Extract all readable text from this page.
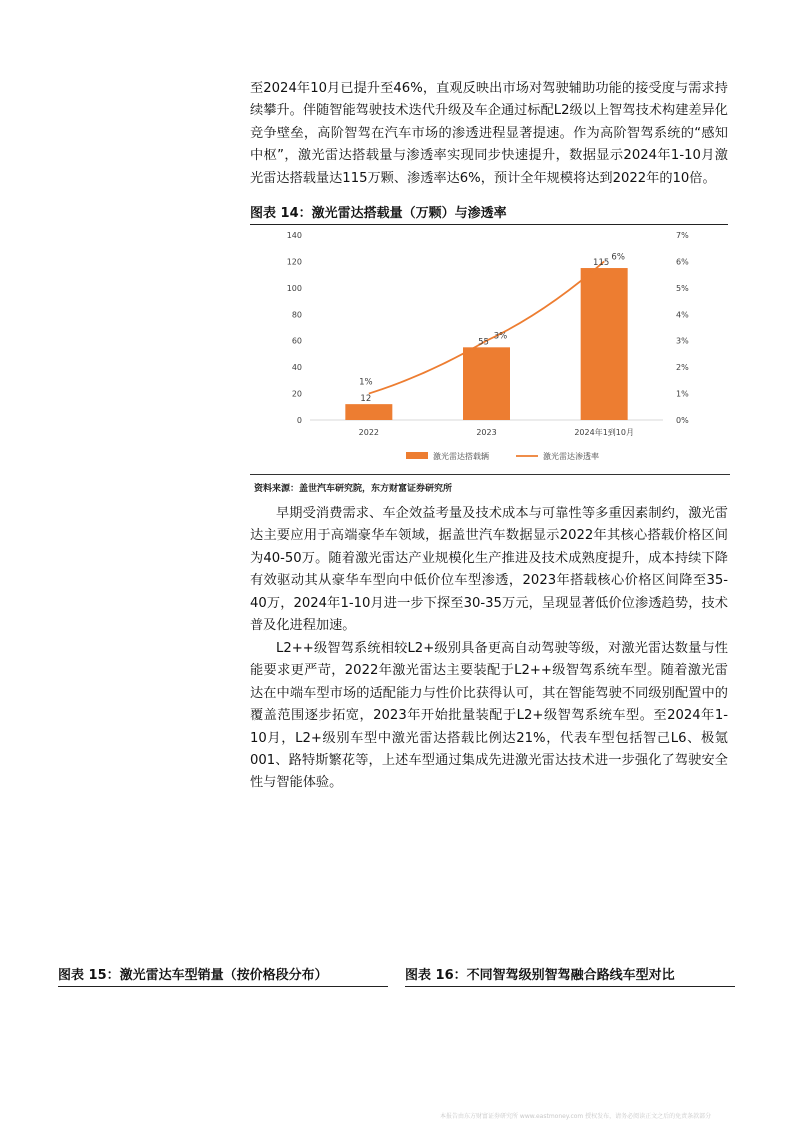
至2024年10月已提升至46%，直观反映出市场对驾驶辅助功能的接受度与需求持续攀升。伴随智能驾驶技术迭代升级及车企通过标配L2级以上智驾技术构建差异化竞争壁垒，高阶智驾在汽车市场的渗透进程显著提速。作为高阶智驾系统的“感知中枢”，激光雷达搭载量与渗透率实现同步快速提升，数据显示2024年1-10月激光雷达搭载量达115万颗、渗透率达6%，预计全年规模将达到2022年的10倍。

图表 14：激光雷达搭载量（万颗）与渗透率
0
20
40
60
80
100
120
140
0%
1%
2%
3%
4%
5%
6%
7%
12
1%
55
3%
115
6%
2022	2023	2024年1到10月
激光雷达搭载辆	激光雷达渗透率
资料来源：盖世汽车研究院，东方财富证券研究所

早期受消费需求、车企效益考量及技术成本与可靠性等多重因素制约，激光雷达主要应用于高端豪华车领域，据盖世汽车数据显示2022年其核心搭载价格区间为40-50万。随着激光雷达产业规模化生产推进及技术成熟度提升，成本持续下降有效驱动其从豪华车型向中低价位车型渗透，2023年搭载核心价格区间降至35-40万，2024年1-10月进一步下探至30-35万元，呈现显著低价位渗透趋势，技术普及化进程加速。

L2++级智驾系统相较L2+级别具备更高自动驾驶等级，对激光雷达数量与性能要求更严苛，2022年激光雷达主要装配于L2++级智驾系统车型。随着激光雷达在中端车型市场的适配能力与性价比获得认可，其在智能驾驶不同级别配置中的覆盖范围逐步拓宽，2023年开始批量装配于L2+级智驾系统车型。至2024年1-10月，L2+级别车型中激光雷达搭载比例达21%，代表车型包括智己L6、极氪001、路特斯繁花等，上述车型通过集成先进激光雷达技术进一步强化了驾驶安全性与智能体验。

图表 15：激光雷达车型销量（按价格段分布）	图表 16：不同智驾级别智驾融合路线车型对比
本报告由东方财富证券研究所 www.eastmoney.com 授权发布，请务必阅读正文之后的免责条款部分
